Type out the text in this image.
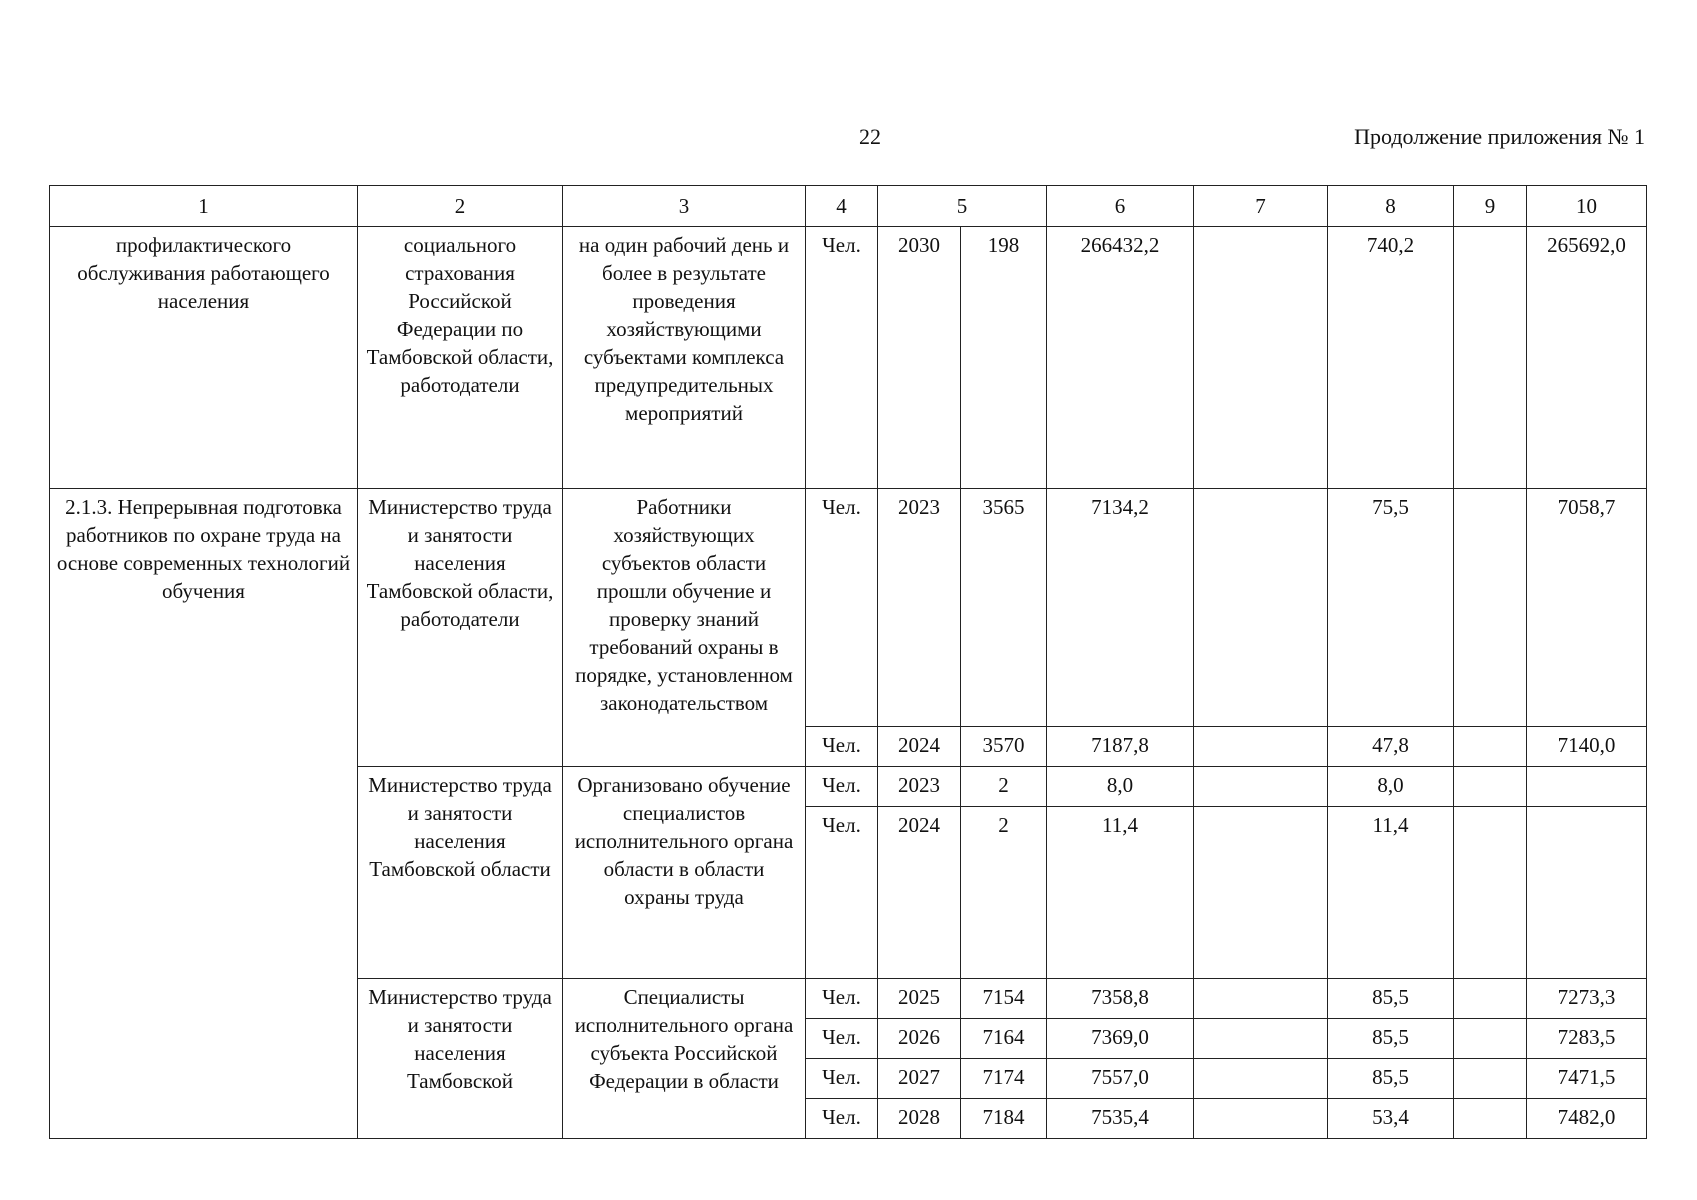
22	Продолжение приложения № 1
1	2	3	4	5		6	7	8	9	10
профилактического обслуживания работающего населения	социального страхования Российской Федерации по Тамбовской области, работодатели	на один рабочий день и более в результате проведения хозяйствующими субъектами комплекса предупредительных мероприятий	Чел.	2030	198	266432,2		740,2		265692,0
2.1.3. Непрерывная подготовка работников по охране труда на основе современных технологий обучения	Министерство труда и занятости населения Тамбовской области, работодатели	Работники хозяйствующих субъектов области прошли обучение и проверку знаний требований охраны в порядке, установленном законодательством	Чел.	2023	3565	7134,2		75,5		7058,7
			Чел.	2024	3570	7187,8		47,8		7140,0
	Министерство труда и занятости населения Тамбовской области	Организовано обучение специалистов исполнительного органа области в области охраны труда	Чел.	2023	2	8,0		8,0		
			Чел.	2024	2	11,4		11,4		
	Министерство труда и занятости населения Тамбовской	Специалисты исполнительного органа субъекта Российской Федерации в области	Чел.	2025	7154	7358,8		85,5		7273,3
			Чел.	2026	7164	7369,0		85,5		7283,5
			Чел.	2027	7174	7557,0		85,5		7471,5
			Чел.	2028	7184	7535,4		53,4		7482,0
